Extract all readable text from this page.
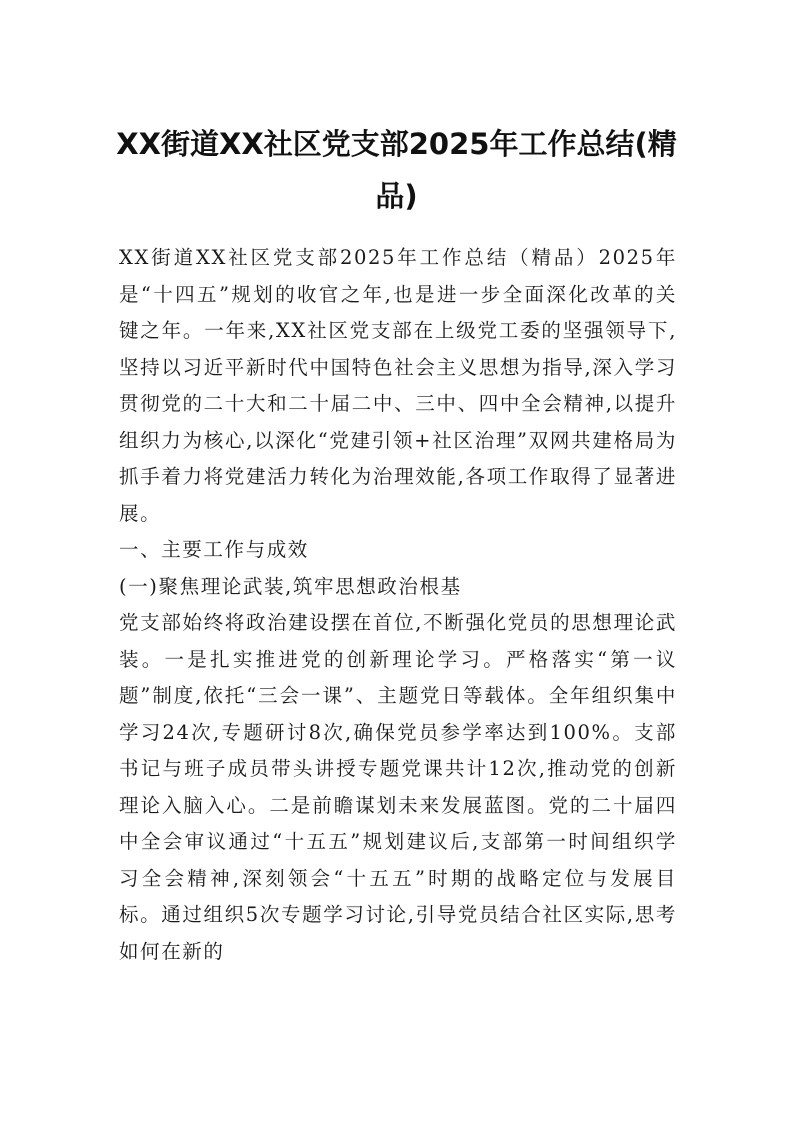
XX街道XX社区党支部2025年工作总结(精品)

XX街道XX社区党支部2025年工作总结（精品）2025年是“十四五”规划的收官之年,也是进一步全面深化改革的关键之年。一年来,XX社区党支部在上级党工委的坚强领导下,坚持以习近平新时代中国特色社会主义思想为指导,深入学习贯彻党的二十大和二十届二中、三中、四中全会精神,以提升组织力为核心,以深化“党建引领+社区治理”双网共建格局为抓手着力将党建活力转化为治理效能,各项工作取得了显著进展。

一、主要工作与成效

(一)聚焦理论武装,筑牢思想政治根基

党支部始终将政治建设摆在首位,不断强化党员的思想理论武装。一是扎实推进党的创新理论学习。严格落实“第一议题”制度,依托“三会一课”、主题党日等载体。全年组织集中学习24次,专题研讨8次,确保党员参学率达到100%。支部书记与班子成员带头讲授专题党课共计12次,推动党的创新理论入脑入心。二是前瞻谋划未来发展蓝图。党的二十届四中全会审议通过“十五五”规划建议后,支部第一时间组织学习全会精神,深刻领会“十五五”时期的战略定位与发展目标。通过组织5次专题学习讨论,引导党员结合社区实际,思考如何在新的
